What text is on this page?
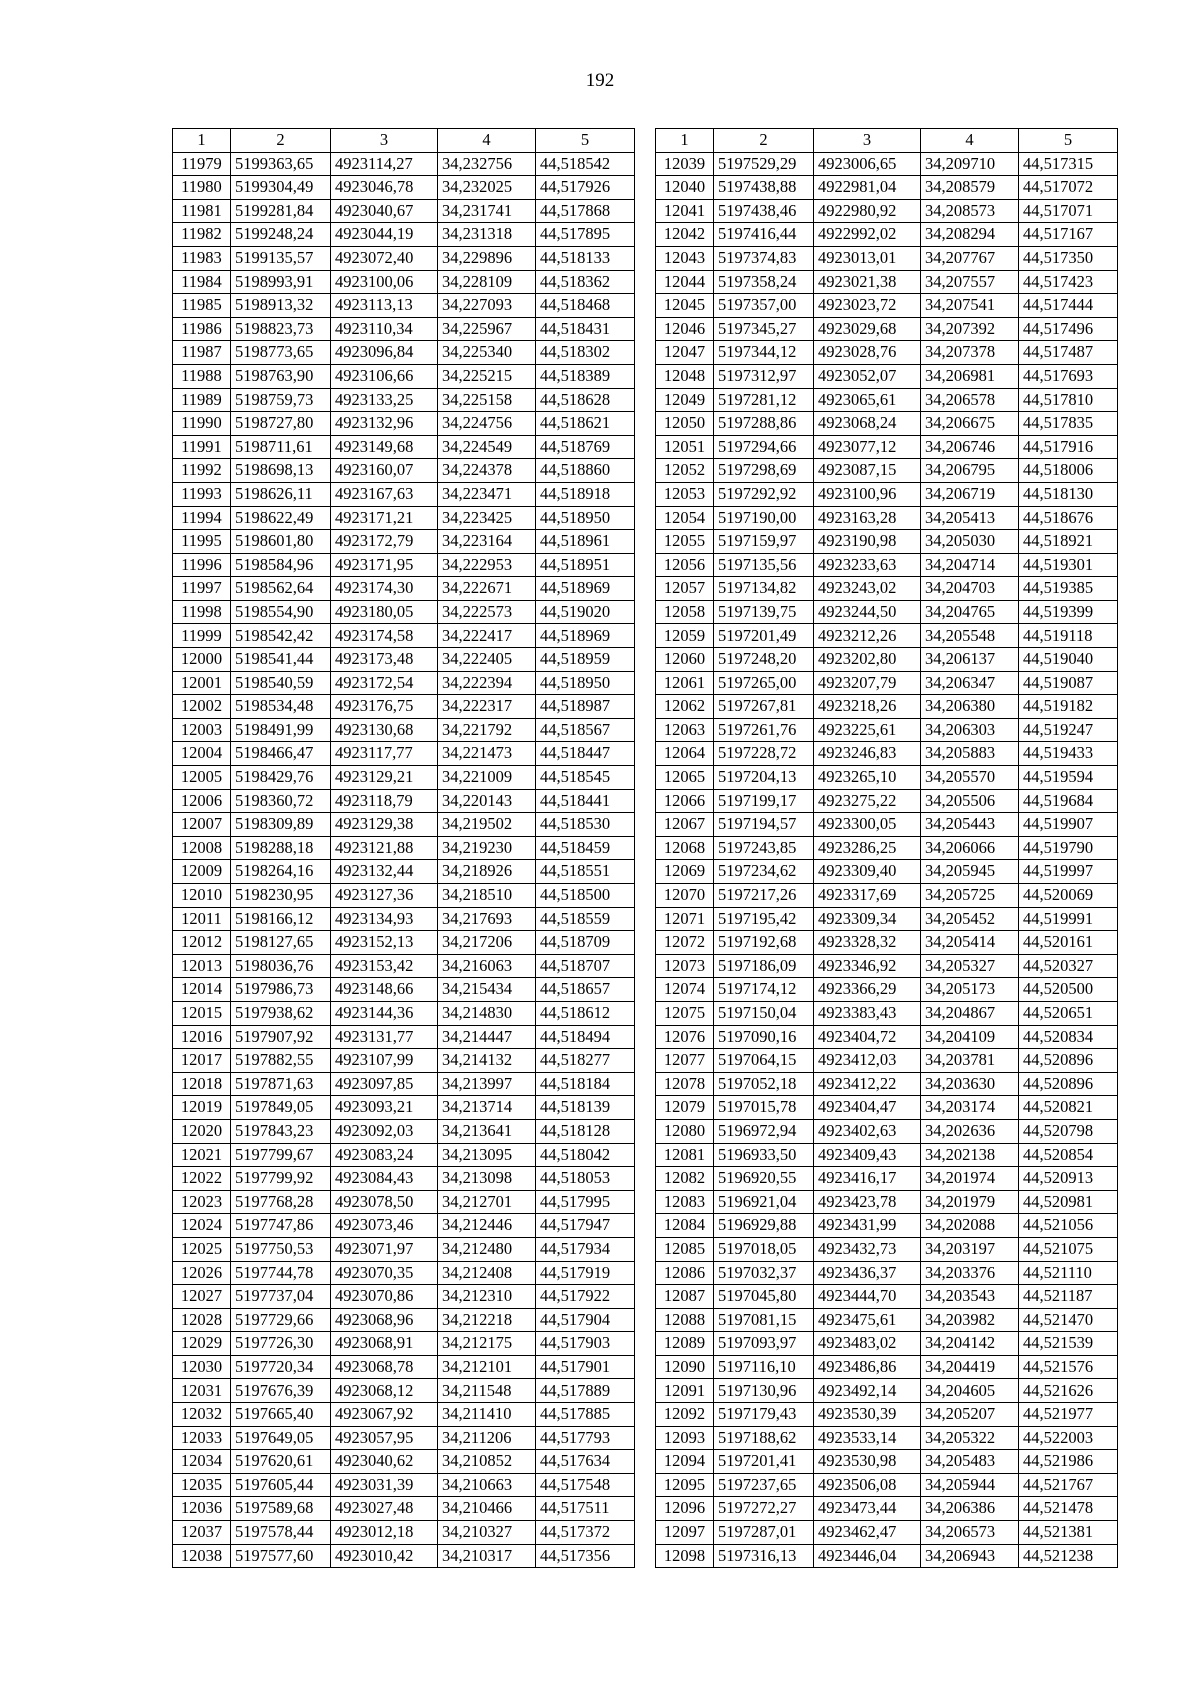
192
1	2	3	4	5
11979	5199363,65	4923114,27	34,232756	44,518542
11980	5199304,49	4923046,78	34,232025	44,517926
11981	5199281,84	4923040,67	34,231741	44,517868
11982	5199248,24	4923044,19	34,231318	44,517895
11983	5199135,57	4923072,40	34,229896	44,518133
11984	5198993,91	4923100,06	34,228109	44,518362
11985	5198913,32	4923113,13	34,227093	44,518468
11986	5198823,73	4923110,34	34,225967	44,518431
11987	5198773,65	4923096,84	34,225340	44,518302
11988	5198763,90	4923106,66	34,225215	44,518389
11989	5198759,73	4923133,25	34,225158	44,518628
11990	5198727,80	4923132,96	34,224756	44,518621
11991	5198711,61	4923149,68	34,224549	44,518769
11992	5198698,13	4923160,07	34,224378	44,518860
11993	5198626,11	4923167,63	34,223471	44,518918
11994	5198622,49	4923171,21	34,223425	44,518950
11995	5198601,80	4923172,79	34,223164	44,518961
11996	5198584,96	4923171,95	34,222953	44,518951
11997	5198562,64	4923174,30	34,222671	44,518969
11998	5198554,90	4923180,05	34,222573	44,519020
11999	5198542,42	4923174,58	34,222417	44,518969
12000	5198541,44	4923173,48	34,222405	44,518959
12001	5198540,59	4923172,54	34,222394	44,518950
12002	5198534,48	4923176,75	34,222317	44,518987
12003	5198491,99	4923130,68	34,221792	44,518567
12004	5198466,47	4923117,77	34,221473	44,518447
12005	5198429,76	4923129,21	34,221009	44,518545
12006	5198360,72	4923118,79	34,220143	44,518441
12007	5198309,89	4923129,38	34,219502	44,518530
12008	5198288,18	4923121,88	34,219230	44,518459
12009	5198264,16	4923132,44	34,218926	44,518551
12010	5198230,95	4923127,36	34,218510	44,518500
12011	5198166,12	4923134,93	34,217693	44,518559
12012	5198127,65	4923152,13	34,217206	44,518709
12013	5198036,76	4923153,42	34,216063	44,518707
12014	5197986,73	4923148,66	34,215434	44,518657
12015	5197938,62	4923144,36	34,214830	44,518612
12016	5197907,92	4923131,77	34,214447	44,518494
12017	5197882,55	4923107,99	34,214132	44,518277
12018	5197871,63	4923097,85	34,213997	44,518184
12019	5197849,05	4923093,21	34,213714	44,518139
12020	5197843,23	4923092,03	34,213641	44,518128
12021	5197799,67	4923083,24	34,213095	44,518042
12022	5197799,92	4923084,43	34,213098	44,518053
12023	5197768,28	4923078,50	34,212701	44,517995
12024	5197747,86	4923073,46	34,212446	44,517947
12025	5197750,53	4923071,97	34,212480	44,517934
12026	5197744,78	4923070,35	34,212408	44,517919
12027	5197737,04	4923070,86	34,212310	44,517922
12028	5197729,66	4923068,96	34,212218	44,517904
12029	5197726,30	4923068,91	34,212175	44,517903
12030	5197720,34	4923068,78	34,212101	44,517901
12031	5197676,39	4923068,12	34,211548	44,517889
12032	5197665,40	4923067,92	34,211410	44,517885
12033	5197649,05	4923057,95	34,211206	44,517793
12034	5197620,61	4923040,62	34,210852	44,517634
12035	5197605,44	4923031,39	34,210663	44,517548
12036	5197589,68	4923027,48	34,210466	44,517511
12037	5197578,44	4923012,18	34,210327	44,517372
12038	5197577,60	4923010,42	34,210317	44,517356
1	2	3	4	5
12039	5197529,29	4923006,65	34,209710	44,517315
12040	5197438,88	4922981,04	34,208579	44,517072
12041	5197438,46	4922980,92	34,208573	44,517071
12042	5197416,44	4922992,02	34,208294	44,517167
12043	5197374,83	4923013,01	34,207767	44,517350
12044	5197358,24	4923021,38	34,207557	44,517423
12045	5197357,00	4923023,72	34,207541	44,517444
12046	5197345,27	4923029,68	34,207392	44,517496
12047	5197344,12	4923028,76	34,207378	44,517487
12048	5197312,97	4923052,07	34,206981	44,517693
12049	5197281,12	4923065,61	34,206578	44,517810
12050	5197288,86	4923068,24	34,206675	44,517835
12051	5197294,66	4923077,12	34,206746	44,517916
12052	5197298,69	4923087,15	34,206795	44,518006
12053	5197292,92	4923100,96	34,206719	44,518130
12054	5197190,00	4923163,28	34,205413	44,518676
12055	5197159,97	4923190,98	34,205030	44,518921
12056	5197135,56	4923233,63	34,204714	44,519301
12057	5197134,82	4923243,02	34,204703	44,519385
12058	5197139,75	4923244,50	34,204765	44,519399
12059	5197201,49	4923212,26	34,205548	44,519118
12060	5197248,20	4923202,80	34,206137	44,519040
12061	5197265,00	4923207,79	34,206347	44,519087
12062	5197267,81	4923218,26	34,206380	44,519182
12063	5197261,76	4923225,61	34,206303	44,519247
12064	5197228,72	4923246,83	34,205883	44,519433
12065	5197204,13	4923265,10	34,205570	44,519594
12066	5197199,17	4923275,22	34,205506	44,519684
12067	5197194,57	4923300,05	34,205443	44,519907
12068	5197243,85	4923286,25	34,206066	44,519790
12069	5197234,62	4923309,40	34,205945	44,519997
12070	5197217,26	4923317,69	34,205725	44,520069
12071	5197195,42	4923309,34	34,205452	44,519991
12072	5197192,68	4923328,32	34,205414	44,520161
12073	5197186,09	4923346,92	34,205327	44,520327
12074	5197174,12	4923366,29	34,205173	44,520500
12075	5197150,04	4923383,43	34,204867	44,520651
12076	5197090,16	4923404,72	34,204109	44,520834
12077	5197064,15	4923412,03	34,203781	44,520896
12078	5197052,18	4923412,22	34,203630	44,520896
12079	5197015,78	4923404,47	34,203174	44,520821
12080	5196972,94	4923402,63	34,202636	44,520798
12081	5196933,50	4923409,43	34,202138	44,520854
12082	5196920,55	4923416,17	34,201974	44,520913
12083	5196921,04	4923423,78	34,201979	44,520981
12084	5196929,88	4923431,99	34,202088	44,521056
12085	5197018,05	4923432,73	34,203197	44,521075
12086	5197032,37	4923436,37	34,203376	44,521110
12087	5197045,80	4923444,70	34,203543	44,521187
12088	5197081,15	4923475,61	34,203982	44,521470
12089	5197093,97	4923483,02	34,204142	44,521539
12090	5197116,10	4923486,86	34,204419	44,521576
12091	5197130,96	4923492,14	34,204605	44,521626
12092	5197179,43	4923530,39	34,205207	44,521977
12093	5197188,62	4923533,14	34,205322	44,522003
12094	5197201,41	4923530,98	34,205483	44,521986
12095	5197237,65	4923506,08	34,205944	44,521767
12096	5197272,27	4923473,44	34,206386	44,521478
12097	5197287,01	4923462,47	34,206573	44,521381
12098	5197316,13	4923446,04	34,206943	44,521238
